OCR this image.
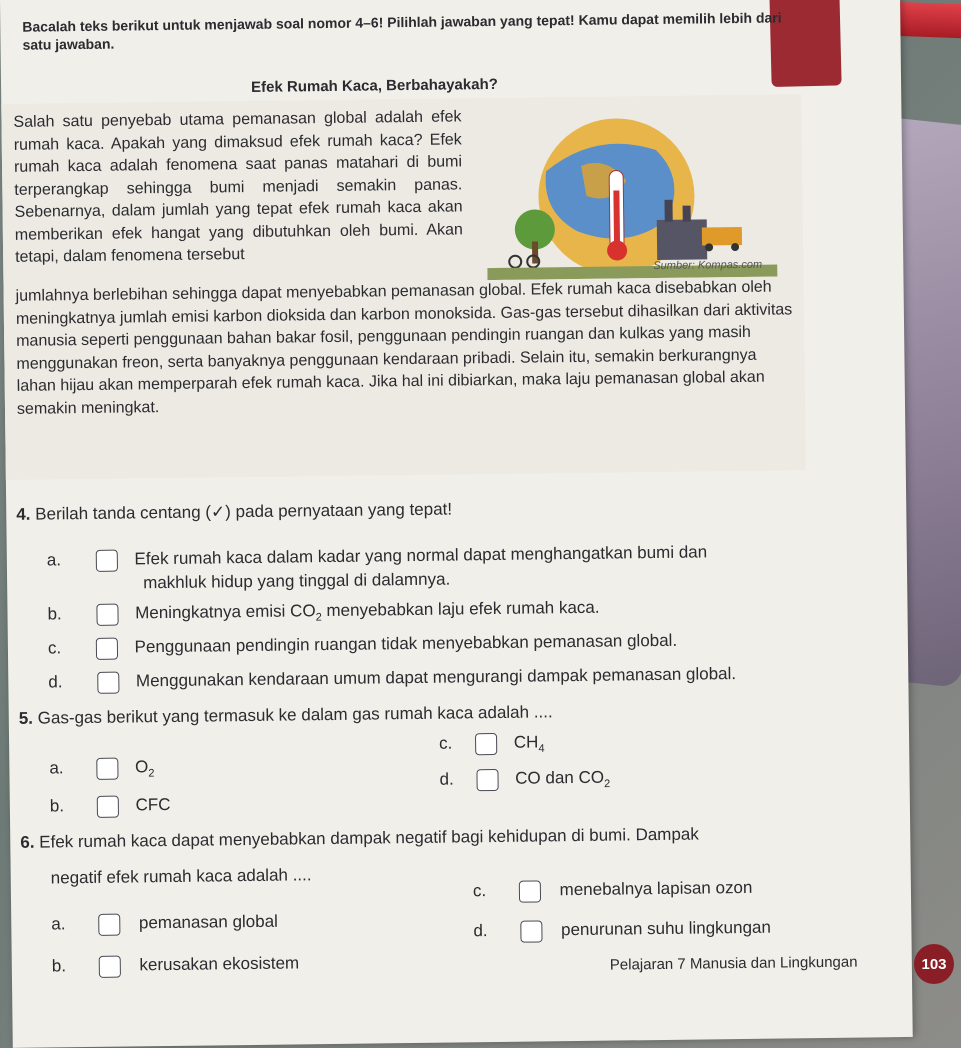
Bacalah teks berikut untuk menjawab soal nomor 4–6! Pilihlah jawaban yang tepat! Kamu dapat memilih lebih dari satu jawaban.
Efek Rumah Kaca, Berbahayakah?
Salah satu penyebab utama pemanasan global adalah efek rumah kaca. Apakah yang dimaksud efek rumah kaca? Efek rumah kaca adalah fenomena saat panas matahari di bumi terperangkap sehingga bumi menjadi semakin panas. Sebenarnya, dalam jumlah yang tepat efek rumah kaca akan memberikan efek hangat yang dibutuhkan oleh bumi. Akan tetapi, dalam fenomena tersebut	Sumber: Kompas.com
jumlahnya berlebihan sehingga dapat menyebabkan pemanasan global. Efek rumah kaca disebabkan oleh meningkatnya jumlah emisi karbon dioksida dan karbon monoksida. Gas-gas tersebut dihasilkan dari aktivitas manusia seperti penggunaan bahan bakar fosil, penggunaan pendingin ruangan dan kulkas yang masih menggunakan freon, serta banyaknya penggunaan kendaraan pribadi. Selain itu, semakin berkurangnya lahan hijau akan memperparah efek rumah kaca. Jika hal ini dibiarkan, maka laju pemanasan global akan semakin meningkat.
4. Berilah tanda centang (✓) pada pernyataan yang tepat!
a.	Efek rumah kaca dalam kadar yang normal dapat menghangatkan bumi dan
makhluk hidup yang tinggal di dalamnya.
b.	Meningkatnya emisi $CO_2$ menyebabkan laju efek rumah kaca.
c.	Penggunaan pendingin ruangan tidak menyebabkan pemanasan global.
d.	Menggunakan kendaraan umum dapat mengurangi dampak pemanasan global.
5. Gas-gas berikut yang termasuk ke dalam gas rumah kaca adalah ....
a.	$O_2$
b.	CFC
c.	$CH_4$
d.	CO dan $CO_2$
6. Efek rumah kaca dapat menyebabkan dampak negatif bagi kehidupan di bumi. Dampak
negatif efek rumah kaca adalah ....
a.	pemanasan global
b.	kerusakan ekosistem
c.	menebalnya lapisan ozon
d.	penurunan suhu lingkungan
Pelajaran 7 Manusia dan Lingkungan	103
